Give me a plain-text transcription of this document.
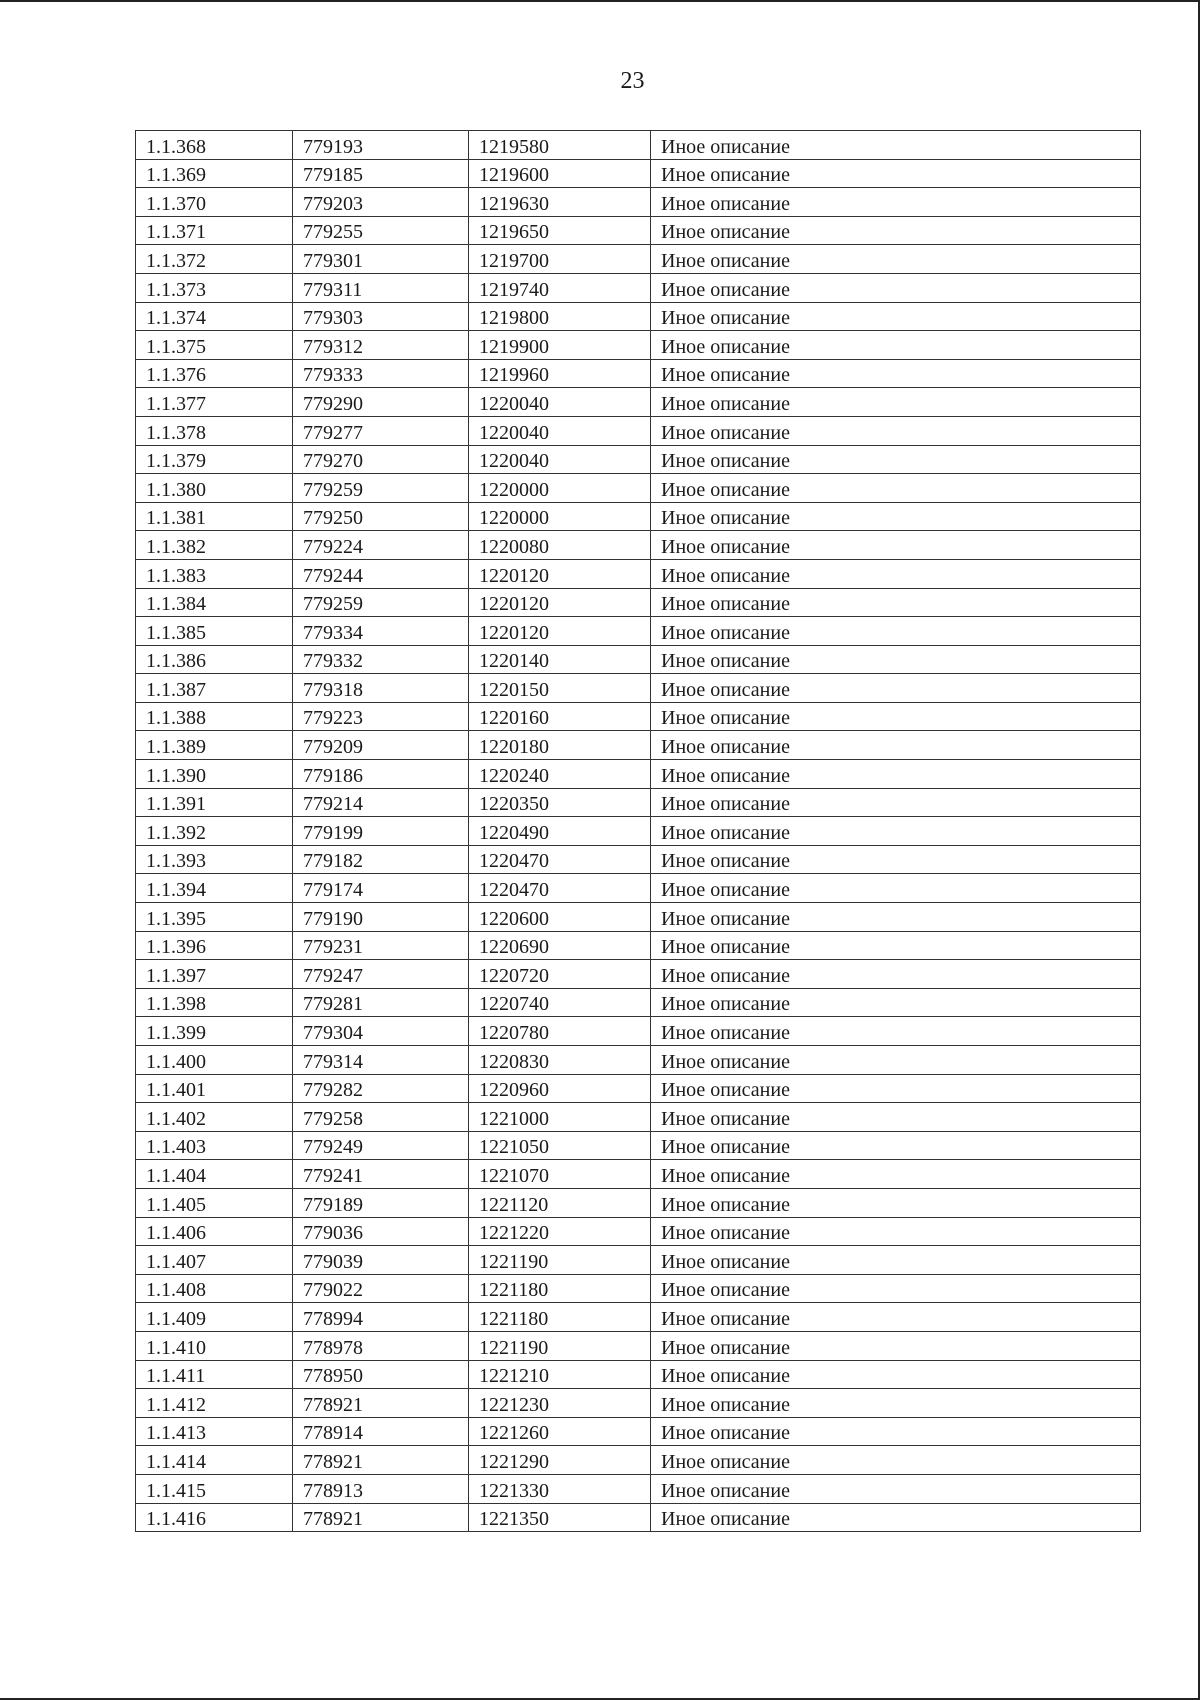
23
1.1.368	779193	1219580	Иное описание
1.1.369	779185	1219600	Иное описание
1.1.370	779203	1219630	Иное описание
1.1.371	779255	1219650	Иное описание
1.1.372	779301	1219700	Иное описание
1.1.373	779311	1219740	Иное описание
1.1.374	779303	1219800	Иное описание
1.1.375	779312	1219900	Иное описание
1.1.376	779333	1219960	Иное описание
1.1.377	779290	1220040	Иное описание
1.1.378	779277	1220040	Иное описание
1.1.379	779270	1220040	Иное описание
1.1.380	779259	1220000	Иное описание
1.1.381	779250	1220000	Иное описание
1.1.382	779224	1220080	Иное описание
1.1.383	779244	1220120	Иное описание
1.1.384	779259	1220120	Иное описание
1.1.385	779334	1220120	Иное описание
1.1.386	779332	1220140	Иное описание
1.1.387	779318	1220150	Иное описание
1.1.388	779223	1220160	Иное описание
1.1.389	779209	1220180	Иное описание
1.1.390	779186	1220240	Иное описание
1.1.391	779214	1220350	Иное описание
1.1.392	779199	1220490	Иное описание
1.1.393	779182	1220470	Иное описание
1.1.394	779174	1220470	Иное описание
1.1.395	779190	1220600	Иное описание
1.1.396	779231	1220690	Иное описание
1.1.397	779247	1220720	Иное описание
1.1.398	779281	1220740	Иное описание
1.1.399	779304	1220780	Иное описание
1.1.400	779314	1220830	Иное описание
1.1.401	779282	1220960	Иное описание
1.1.402	779258	1221000	Иное описание
1.1.403	779249	1221050	Иное описание
1.1.404	779241	1221070	Иное описание
1.1.405	779189	1221120	Иное описание
1.1.406	779036	1221220	Иное описание
1.1.407	779039	1221190	Иное описание
1.1.408	779022	1221180	Иное описание
1.1.409	778994	1221180	Иное описание
1.1.410	778978	1221190	Иное описание
1.1.411	778950	1221210	Иное описание
1.1.412	778921	1221230	Иное описание
1.1.413	778914	1221260	Иное описание
1.1.414	778921	1221290	Иное описание
1.1.415	778913	1221330	Иное описание
1.1.416	778921	1221350	Иное описание
